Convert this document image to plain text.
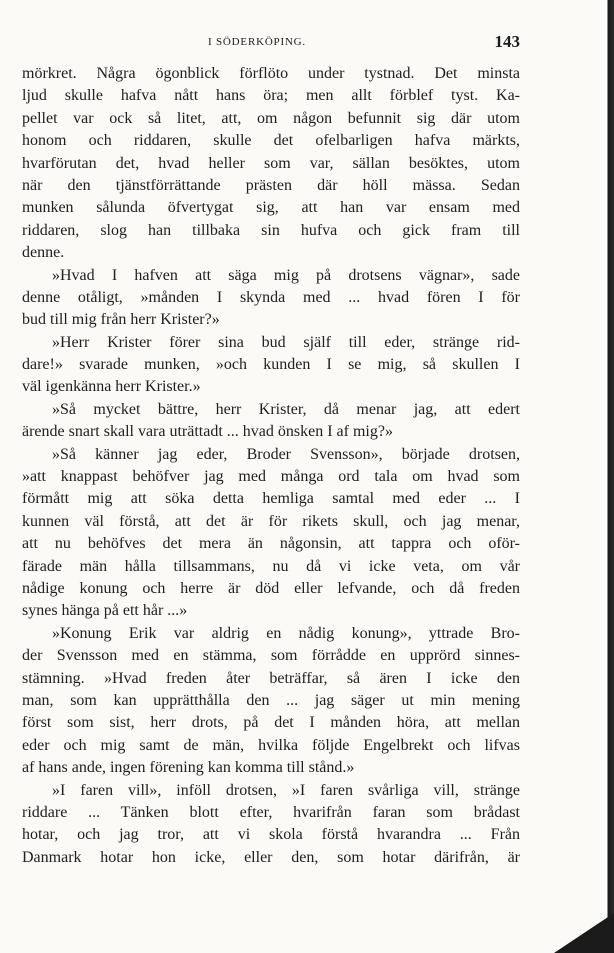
I SÖDERKÖPING.	143
mörkret. Några ögonblick förflöto under tystnad. Det minsta
ljud skulle hafva nått hans öra; men allt förblef tyst. Ka-
pellet var ock så litet, att, om någon befunnit sig där utom
honom och riddaren, skulle det ofelbarligen hafva märkts,
hvarförutan det, hvad heller som var, sällan besöktes, utom
när den tjänstförrättande prästen där höll mässa. Sedan
munken sålunda öfvertygat sig, att han var ensam med
riddaren, slog han tillbaka sin hufva och gick fram till
denne.
»Hvad I hafven att säga mig på drotsens vägnar», sade
denne otåligt, »månden I skynda med ... hvad fören I för
bud till mig från herr Krister?»
»Herr Krister förer sina bud själf till eder, stränge rid-
dare!» svarade munken, »och kunden I se mig, så skullen I
väl igenkänna herr Krister.»
»Så mycket bättre, herr Krister, då menar jag, att edert
ärende snart skall vara uträttadt ... hvad önsken I af mig?»
»Så känner jag eder, Broder Svensson», började drotsen,
»att knappast behöfver jag med många ord tala om hvad som
förmått mig att söka detta hemliga samtal med eder ... I
kunnen väl förstå, att det är för rikets skull, och jag menar,
att nu behöfves det mera än någonsin, att tappra och oför-
färade män hålla tillsammans, nu då vi icke veta, om vår
nådige konung och herre är död eller lefvande, och då freden
synes hänga på ett hår ...»
»Konung Erik var aldrig en nådig konung», yttrade Bro-
der Svensson med en stämma, som förrådde en upprörd sinnes-
stämning. »Hvad freden åter beträffar, så ären I icke den
man, som kan upprätthålla den ... jag säger ut min mening
först som sist, herr drots, på det I månden höra, att mellan
eder och mig samt de män, hvilka följde Engelbrekt och lifvas
af hans ande, ingen förening kan komma till stånd.»
»I faren vill», inföll drotsen, »I faren svårliga vill, stränge
riddare ... Tänken blott efter, hvarifrån faran som brådast
hotar, och jag tror, att vi skola förstå hvarandra ... Från
Danmark hotar hon icke, eller den, som hotar därifrån, är
